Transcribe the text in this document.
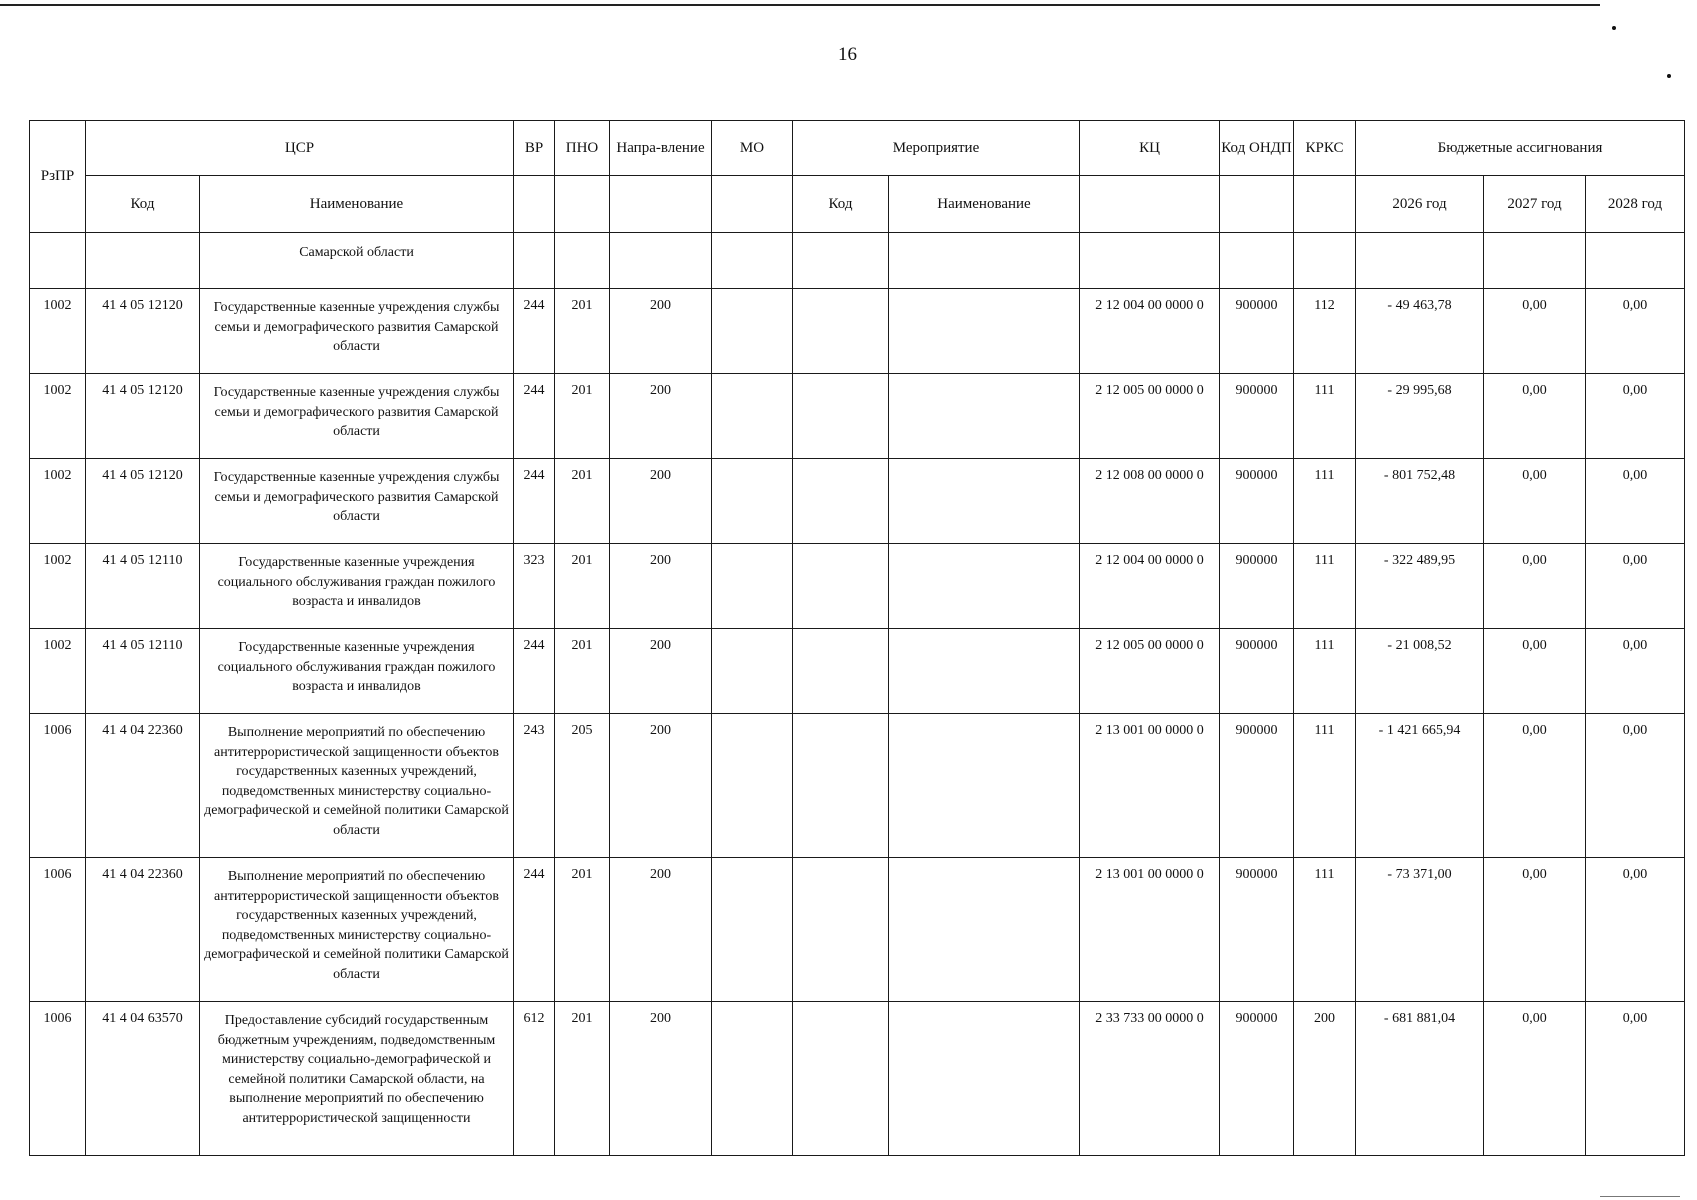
16
РзПР	ЦСР		ВР	ПНО	Напра-вление	МО	Мероприятие		КЦ	Код ОНДП	КРКС	Бюджетные ассигнования		
	Код	Наименование					Код	Наименование				2026 год	2027 год	2028 год
		Самарской области												
1002	41 4 05 12120	Государственные казенные учреждения службы семьи и демографического развития Самарской области	244	201	200				2 12 004 00 0000 0	900000	112	- 49 463,78	0,00	0,00
1002	41 4 05 12120	Государственные казенные учреждения службы семьи и демографического развития Самарской области	244	201	200				2 12 005 00 0000 0	900000	111	- 29 995,68	0,00	0,00
1002	41 4 05 12120	Государственные казенные учреждения службы семьи и демографического развития Самарской области	244	201	200				2 12 008 00 0000 0	900000	111	- 801 752,48	0,00	0,00
1002	41 4 05 12110	Государственные казенные учреждения социального обслуживания граждан пожилого возраста и инвалидов	323	201	200				2 12 004 00 0000 0	900000	111	- 322 489,95	0,00	0,00
1002	41 4 05 12110	Государственные казенные учреждения социального обслуживания граждан пожилого возраста и инвалидов	244	201	200				2 12 005 00 0000 0	900000	111	- 21 008,52	0,00	0,00
1006	41 4 04 22360	Выполнение мероприятий по обеспечению антитеррористической защищенности объектов государственных казенных учреждений, подведомственных министерству социально-демографической и семейной политики Самарской области	243	205	200				2 13 001 00 0000 0	900000	111	- 1 421 665,94	0,00	0,00
1006	41 4 04 22360	Выполнение мероприятий по обеспечению антитеррористической защищенности объектов государственных казенных учреждений, подведомственных министерству социально-демографической и семейной политики Самарской области	244	201	200				2 13 001 00 0000 0	900000	111	- 73 371,00	0,00	0,00
1006	41 4 04 63570	Предоставление субсидий государственным бюджетным учреждениям, подведомственным министерству социально-демографической и семейной политики Самарской области, на выполнение мероприятий по обеспечению антитеррористической защищенности	612	201	200				2 33 733 00 0000 0	900000	200	- 681 881,04	0,00	0,00
